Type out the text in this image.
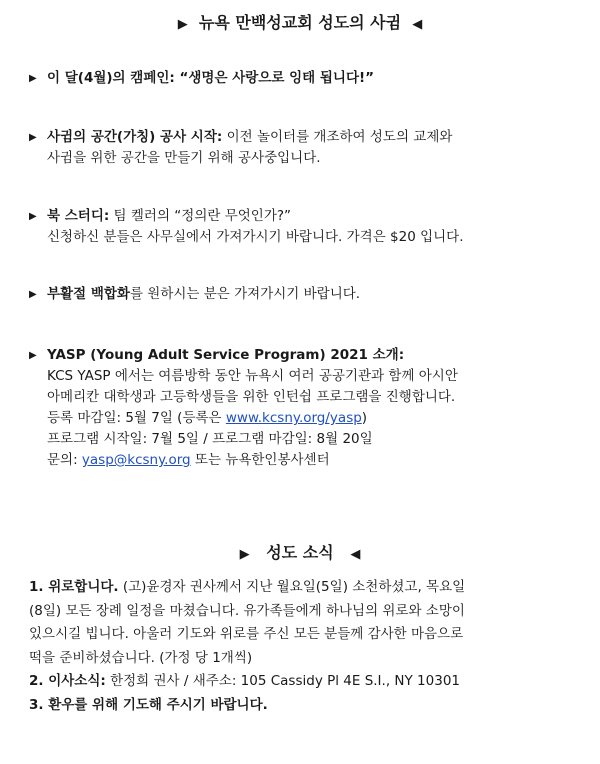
▶ 뉴욕 만백성교회 성도의 사귐 ◀
▶ 이 달(4월)의 캠페인: “생명은 사랑으로 잉태 됩니다!”
▶ 사귐의 공간(가칭) 공사 시작: 이전 놀이터를 개조하여 성도의 교제와
사귐을 위한 공간을 만들기 위해 공사중입니다.
▶ 북 스터디: 팀 켈러의 “정의란 무엇인가?”
신청하신 분들은 사무실에서 가져가시기 바랍니다. 가격은 $20 입니다.
▶ 부활절 백합화를 원하시는 분은 가져가시기 바랍니다.
▶ YASP (Young Adult Service Program) 2021 소개:
KCS YASP 에서는 여름방학 동안 뉴욕시 여러 공공기관과 함께 아시안
아메리칸 대학생과 고등학생들을 위한 인턴쉽 프로그램을 진행합니다.
등록 마감일: 5월 7일 (등록은 www.kcsny.org/yasp)
프로그램 시작일: 7월 5일 / 프로그램 마감일: 8월 20일
문의: yasp@kcsny.org 또는 뉴욕한인봉사센터
▶ 성도 소식 ◀
1. 위로합니다. (고)윤경자 권사께서 지난 월요일(5일) 소천하셨고, 목요일
(8일) 모든 장례 일정을 마쳤습니다. 유가족들에게 하나님의 위로와 소망이
있으시길 빕니다. 아울러 기도와 위로를 주신 모든 분들께 감사한 마음으로
떡을 준비하셨습니다. (가정 당 1개씩)
2. 이사소식: 한정희 권사 / 새주소: 105 Cassidy Pl 4E S.I., NY 10301
3. 환우를 위해 기도해 주시기 바랍니다.
